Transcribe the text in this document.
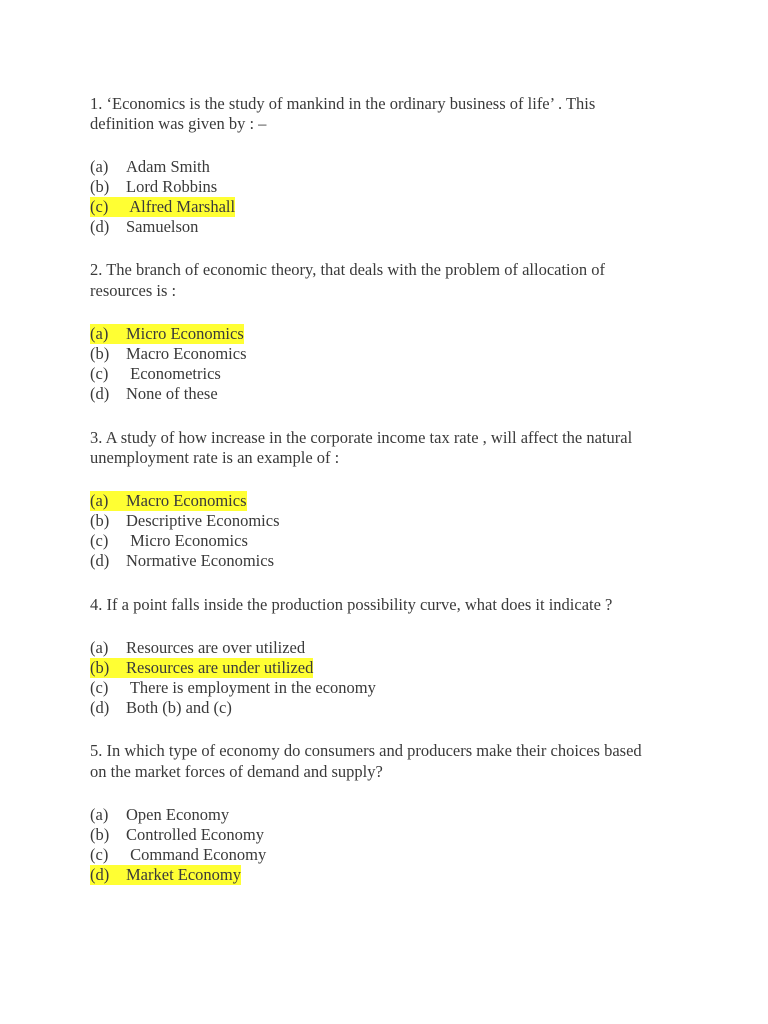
1. ‘Economics is the study of mankind in the ordinary business of life’ . This
definition was given by : –
(a) Adam Smith
(b) Lord Robbins
(c) Alfred Marshall
(d) Samuelson
2. The branch of economic theory, that deals with the problem of allocation of
resources is :
(a) Micro Economics
(b) Macro Economics
(c) Econometrics
(d) None of these
3. A study of how increase in the corporate income tax rate , will affect the natural
unemployment rate is an example of :
(a) Macro Economics
(b) Descriptive Economics
(c) Micro Economics
(d) Normative Economics
4. If a point falls inside the production possibility curve, what does it indicate ?
(a) Resources are over utilized
(b) Resources are under utilized
(c) There is employment in the economy
(d) Both (b) and (c)
5. In which type of economy do consumers and producers make their choices based
on the market forces of demand and supply?
(a) Open Economy
(b) Controlled Economy
(c) Command Economy
(d) Market Economy
